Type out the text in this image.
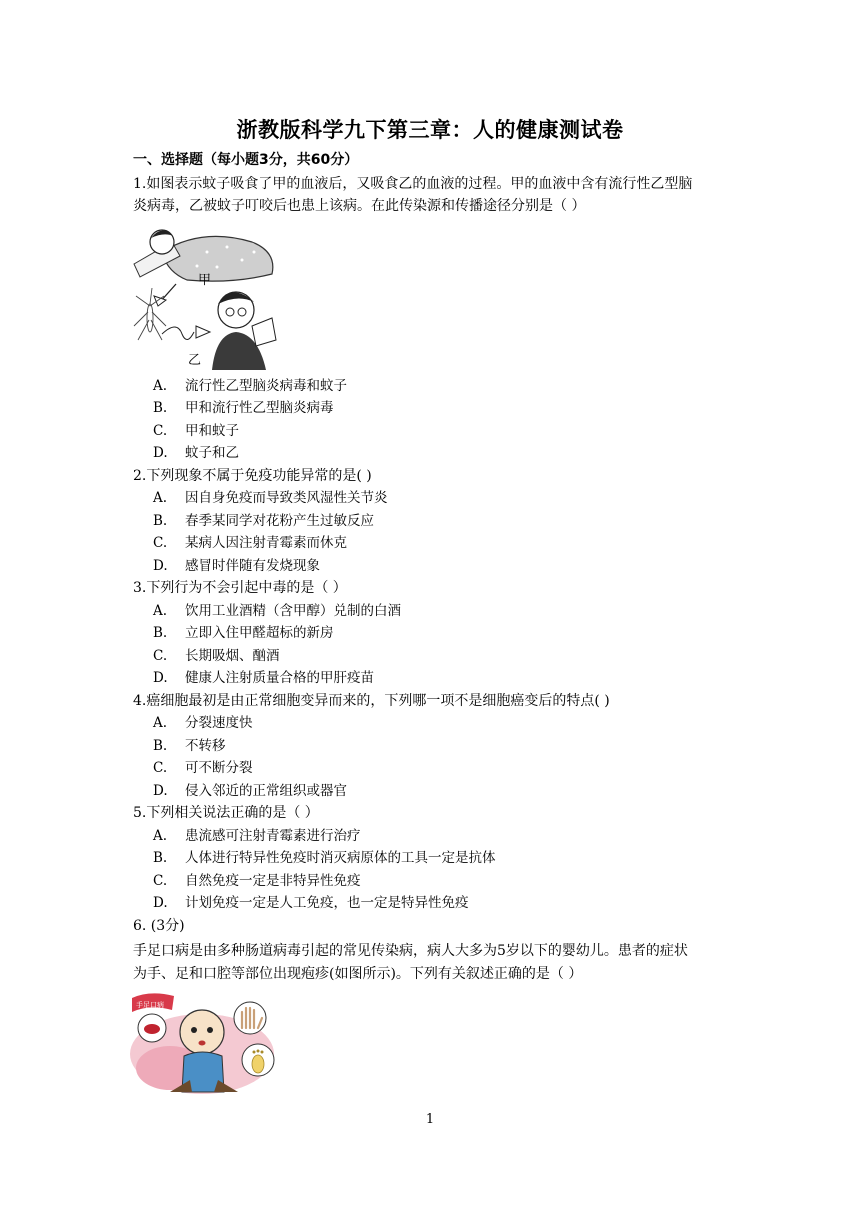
浙教版科学九下第三章：人的健康测试卷
一、选择题（每小题3分，共60分）
1.如图表示蚊子吸食了甲的血液后，又吸食乙的血液的过程。甲的血液中含有流行性乙型脑
炎病毒，乙被蚊子叮咬后也患上该病。在此传染源和传播途径分别是（ ）
甲
乙
A. 流行性乙型脑炎病毒和蚊子
B. 甲和流行性乙型脑炎病毒
C. 甲和蚊子
D. 蚊子和乙
2.下列现象不属于免疫功能异常的是( )
A. 因自身免疫而导致类风湿性关节炎
B. 春季某同学对花粉产生过敏反应
C. 某病人因注射青霉素而休克
D. 感冒时伴随有发烧现象
3.下列行为不会引起中毒的是（ ）
A. 饮用工业酒精（含甲醇）兑制的白酒
B. 立即入住甲醛超标的新房
C. 长期吸烟、酗酒
D. 健康人注射质量合格的甲肝疫苗
4.癌细胞最初是由正常细胞变异而来的，下列哪一项不是细胞癌变后的特点( )
A. 分裂速度快
B. 不转移
C. 可不断分裂
D. 侵入邻近的正常组织或器官
5.下列相关说法正确的是（ ）
A. 患流感可注射青霉素进行治疗
B. 人体进行特异性免疫时消灭病原体的工具一定是抗体
C. 自然免疫一定是非特异性免疫
D. 计划免疫一定是人工免疫，也一定是特异性免疫
6. (3分)
手足口病是由多种肠道病毒引起的常见传染病，病人大多为5岁以下的婴幼儿。患者的症状
为手、足和口腔等部位出现疱疹(如图所示)。下列有关叙述正确的是（ ）
手足口病
1
